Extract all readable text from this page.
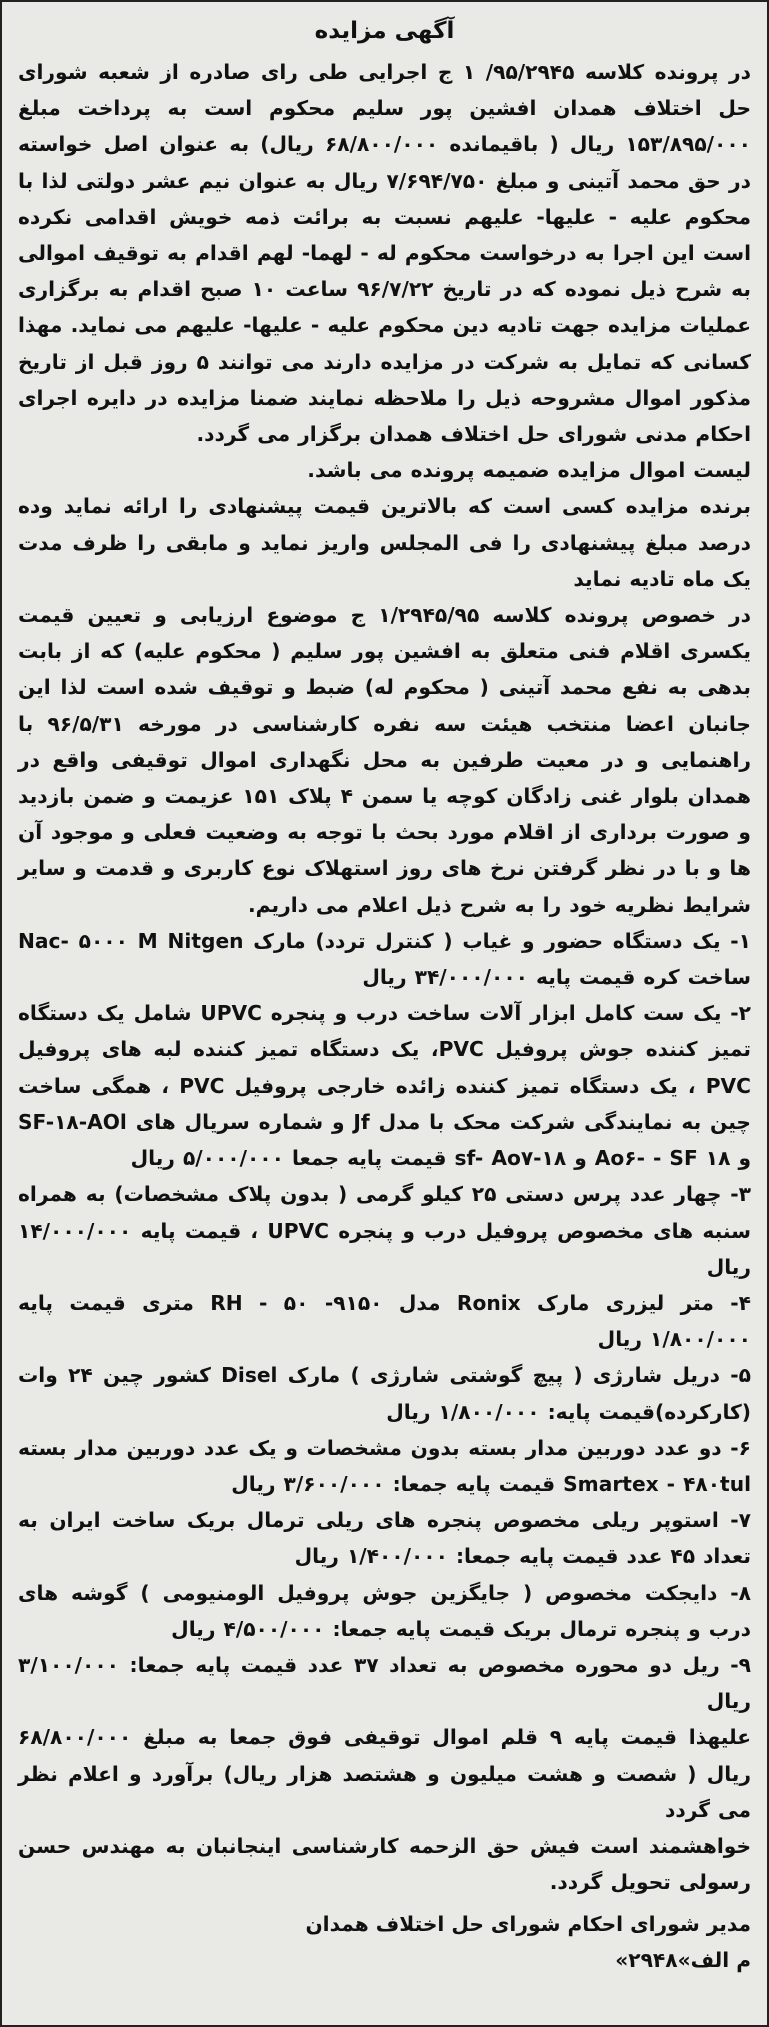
آگهی مزایده

در پرونده کلاسه ۹۵/۲۹۴۵/ ۱ ج اجرایی طی رای صادره از شعبه شورای حل اختلاف همدان افشین پور سلیم محکوم است به پرداخت مبلغ ۱۵۳/۸۹۵/۰۰۰ ریال ( باقیمانده ۶۸/۸۰۰/۰۰۰ ریال) به عنوان اصل خواسته در حق محمد آتینی و مبلغ ۷/۶۹۴/۷۵۰ ریال به عنوان نیم عشر دولتی لذا با محکوم علیه - علیها- علیهم نسبت به برائت ذمه خویش اقدامی نکرده است این اجرا به درخواست محکوم له - لهما- لهم اقدام به توقیف اموالی به شرح ذیل نموده که در تاریخ ۹۶/۷/۲۲ ساعت ۱۰ صبح اقدام به برگزاری عملیات مزایده جهت تادیه دین محکوم علیه - علیها- علیهم می نماید. مهذا کسانی که تمایل به شرکت در مزایده دارند می توانند ۵ روز قبل از تاریخ مذکور اموال مشروحه ذیل را ملاحظه نمایند ضمنا مزایده در دایره اجرای احکام مدنی شورای حل اختلاف همدان برگزار می گردد.

لیست اموال مزایده ضمیمه پرونده می باشد.

برنده مزایده کسی است که بالاترین قیمت پیشنهادی را ارائه نماید وده درصد مبلغ پیشنهادی را فی المجلس واریز نماید و مابقی را ظرف مدت یک ماه تادیه نماید

در خصوص پرونده کلاسه ۱/۲۹۴۵/۹۵ ج موضوع ارزیابی و تعیین قیمت یکسری اقلام فنی متعلق به افشین پور سلیم ( محکوم علیه) که از بابت بدهی به نفع محمد آتینی ( محکوم له) ضبط و توقیف شده است لذا این جانبان اعضا منتخب هیئت سه نفره کارشناسی در مورخه ۹۶/۵/۳۱ با راهنمایی و در معیت طرفین به محل نگهداری اموال توقیفی واقع در همدان بلوار غنی زادگان کوچه یا سمن ۴ پلاک ۱۵۱ عزیمت و ضمن بازدید و صورت برداری از اقلام مورد بحث با توجه به وضعیت فعلی و موجود آن ها و با در نظر گرفتن نرخ های روز استهلاک نوع کاربری و قدمت و سایر شرایط نظریه خود را به شرح ذیل اعلام می داریم.

۱- یک دستگاه حضور و غیاب ( کنترل تردد) مارک Nac- ۵۰۰۰ M Nitgen ساخت کره قیمت پایه ۳۴/۰۰۰/۰۰۰ ریال

۲- یک ست کامل ابزار آلات ساخت درب و پنجره UPVC شامل یک دستگاه تمیز کننده جوش پروفیل PVC، یک دستگاه تمیز کننده لبه های پروفیل PVC ، یک دستگاه تمیز کننده زائده خارجی پروفیل PVC ، همگی ساخت چین به نمایندگی شرکت محک با مدل Jf و شماره سریال های SF-۱۸-AOl و Ao۶- - SF ۱۸ و sf- Ao۷-۱۸ قیمت پایه جمعا ۵/۰۰۰/۰۰۰ ریال

۳- چهار عدد پرس دستی ۲۵ کیلو گرمی ( بدون پلاک مشخصات) به همراه سنبه های مخصوص پروفیل درب و پنجره UPVC ، قیمت پایه ۱۴/۰۰۰/۰۰۰ ریال

۴- متر لیزری مارک Ronix مدل ۹۱۵۰- RH - ۵۰ متری قیمت پایه ۱/۸۰۰/۰۰۰ ریال

۵- دریل شارژی ( پیچ گوشتی شارژی ) مارک Disel کشور چین ۲۴ وات (کارکرده)قیمت پایه: ۱/۸۰۰/۰۰۰ ریال

۶- دو عدد دوربین مدار بسته بدون مشخصات و یک عدد دوربین مدار بسته Smartex - ۴۸۰tul قیمت پایه جمعا: ۳/۶۰۰/۰۰۰ ریال

۷- استوپر ریلی مخصوص پنجره های ریلی ترمال بریک ساخت ایران به تعداد ۴۵ عدد قیمت پایه جمعا: ۱/۴۰۰/۰۰۰ ریال

۸- دایجکت مخصوص ( جایگزین جوش پروفیل الومنیومی ) گوشه های درب و پنجره ترمال بریک قیمت پایه جمعا: ۴/۵۰۰/۰۰۰ ریال

۹- ریل دو محوره مخصوص به تعداد ۳۷ عدد قیمت پایه جمعا: ۳/۱۰۰/۰۰۰ ریال

علیهذا قیمت پایه ۹ قلم اموال توقیفی فوق جمعا به مبلغ ۶۸/۸۰۰/۰۰۰ ریال ( شصت و هشت میلیون و هشتصد هزار ریال) برآورد و اعلام نظر می گردد

خواهشمند است فیش حق الزحمه کارشناسی اینجانبان به مهندس حسن رسولی تحویل گردد.

مدیر شورای احکام شورای حل اختلاف همدان

م الف»۲۹۴۸»
